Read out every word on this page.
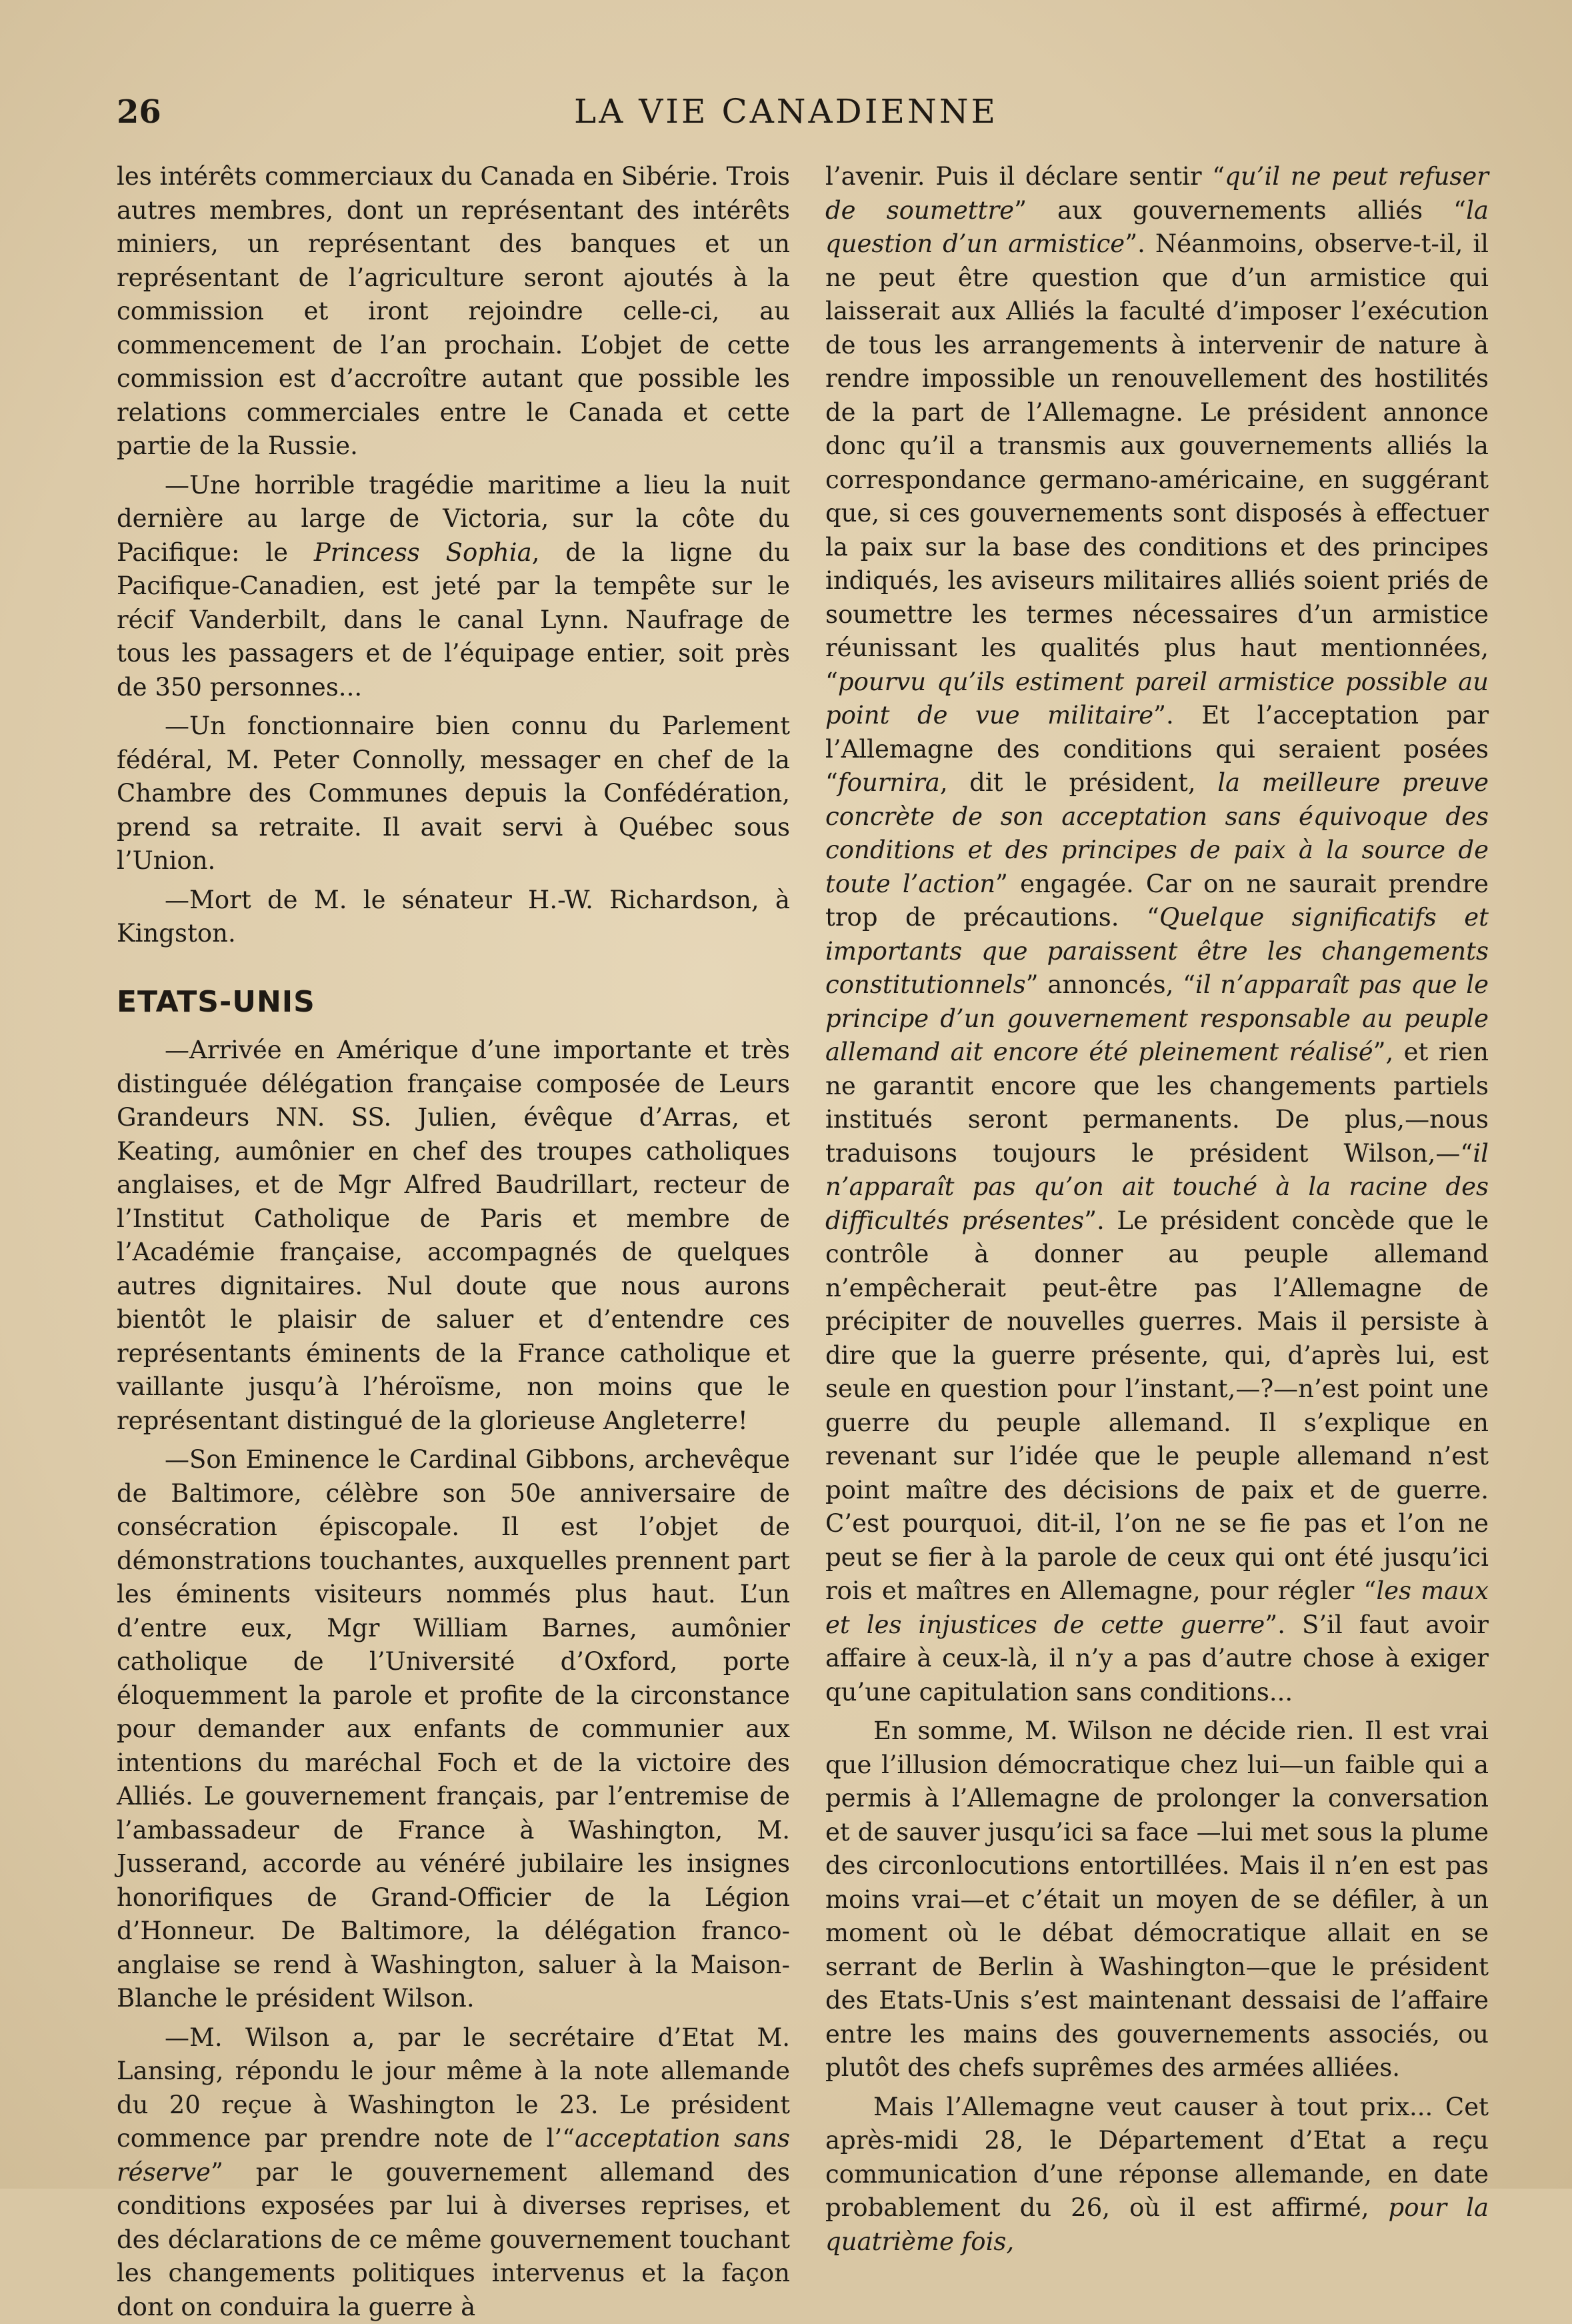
26	LA VIE CANADIENNE

les intérêts commerciaux du Canada en Sibérie. Trois autres membres, dont un représentant des intérêts miniers, un représentant des banques et un représentant de l’agriculture seront ajoutés à la commission et iront rejoindre celle-ci, au commencement de l’an prochain. L’objet de cette commission est d’accroître autant que possible les relations commerciales entre le Canada et cette partie de la Russie.

—Une horrible tragédie maritime a lieu la nuit dernière au large de Victoria, sur la côte du Pacifique: le Princess Sophia, de la ligne du Pacifique-Canadien, est jeté par la tempête sur le récif Vanderbilt, dans le canal Lynn. Naufrage de tous les passagers et de l’équipage entier, soit près de 350 personnes...

—Un fonctionnaire bien connu du Parlement fédéral, M. Peter Connolly, messager en chef de la Chambre des Communes depuis la Confédération, prend sa retraite. Il avait servi à Québec sous l’Union.

—Mort de M. le sénateur H.-W. Richardson, à Kingston.

ETATS-UNIS

—Arrivée en Amérique d’une importante et très distinguée délégation française composée de Leurs Grandeurs NN. SS. Julien, évêque d’Arras, et Keating, aumônier en chef des troupes catholiques anglaises, et de Mgr Alfred Baudrillart, recteur de l’Institut Catholique de Paris et membre de l’Académie française, accompagnés de quelques autres dignitaires. Nul doute que nous aurons bientôt le plaisir de saluer et d’entendre ces représentants éminents de la France catholique et vaillante jusqu’à l’héroïsme, non moins que le représentant distingué de la glorieuse Angleterre!

—Son Eminence le Cardinal Gibbons, archevêque de Baltimore, célèbre son 50e anniversaire de consécration épiscopale. Il est l’objet de démonstrations touchantes, auxquelles prennent part les éminents visiteurs nommés plus haut. L’un d’entre eux, Mgr William Barnes, aumônier catholique de l’Université d’Oxford, porte éloquemment la parole et profite de la circonstance pour demander aux enfants de communier aux intentions du maréchal Foch et de la victoire des Alliés. Le gouvernement français, par l’entremise de l’ambassadeur de France à Washington, M. Jusserand, accorde au vénéré jubilaire les insignes honorifiques de Grand-Officier de la Légion d’Honneur. De Baltimore, la délégation franco-anglaise se rend à Washington, saluer à la Maison-Blanche le président Wilson.

—M. Wilson a, par le secrétaire d’Etat M. Lansing, répondu le jour même à la note allemande du 20 reçue à Washington le 23. Le président commence par prendre note de l’“acceptation sans réserve” par le gouvernement allemand des conditions exposées par lui à diverses reprises, et des déclarations de ce même gouvernement touchant les changements politiques intervenus et la façon dont on conduira la guerre à

l’avenir. Puis il déclare sentir “qu’il ne peut refuser de soumettre” aux gouvernements alliés “la question d’un armistice”. Néanmoins, observe-t-il, il ne peut être question que d’un armistice qui laisserait aux Alliés la faculté d’imposer l’exécution de tous les arrangements à intervenir de nature à rendre impossible un renouvellement des hostilités de la part de l’Allemagne. Le président annonce donc qu’il a transmis aux gouvernements alliés la correspondance germano-américaine, en suggérant que, si ces gouvernements sont disposés à effectuer la paix sur la base des conditions et des principes indiqués, les aviseurs militaires alliés soient priés de soumettre les termes nécessaires d’un armistice réunissant les qualités plus haut mentionnées, “pourvu qu’ils estiment pareil armistice possible au point de vue militaire”. Et l’acceptation par l’Allemagne des conditions qui seraient posées “fournira, dit le président, la meilleure preuve concrète de son acceptation sans équivoque des conditions et des principes de paix à la source de toute l’action” engagée. Car on ne saurait prendre trop de précautions. “Quelque significatifs et importants que paraissent être les changements constitutionnels” annoncés, “il n’apparaît pas que le principe d’un gouvernement responsable au peuple allemand ait encore été pleinement réalisé”, et rien ne garantit encore que les changements partiels institués seront permanents. De plus,—nous traduisons toujours le président Wilson,—“il n’apparaît pas qu’on ait touché à la racine des difficultés présentes”. Le président concède que le contrôle à donner au peuple allemand n’empêcherait peut-être pas l’Allemagne de précipiter de nouvelles guerres. Mais il persiste à dire que la guerre présente, qui, d’après lui, est seule en question pour l’instant,—?—n’est point une guerre du peuple allemand. Il s’explique en revenant sur l’idée que le peuple allemand n’est point maître des décisions de paix et de guerre. C’est pourquoi, dit-il, l’on ne se fie pas et l’on ne peut se fier à la parole de ceux qui ont été jusqu’ici rois et maîtres en Allemagne, pour régler “les maux et les injustices de cette guerre”. S’il faut avoir affaire à ceux-là, il n’y a pas d’autre chose à exiger qu’une capitulation sans conditions...

En somme, M. Wilson ne décide rien. Il est vrai que l’illusion démocratique chez lui—un faible qui a permis à l’Allemagne de prolonger la conversation et de sauver jusqu’ici sa face —lui met sous la plume des circonlocutions entortillées. Mais il n’en est pas moins vrai—et c’était un moyen de se défiler, à un moment où le débat démocratique allait en se serrant de Berlin à Washington—que le président des Etats-Unis s’est maintenant dessaisi de l’affaire entre les mains des gouvernements associés, ou plutôt des chefs suprêmes des armées alliées.

Mais l’Allemagne veut causer à tout prix... Cet après-midi 28, le Département d’Etat a reçu communication d’une réponse allemande, en date probablement du 26, où il est affirmé, pour la quatrième fois,
